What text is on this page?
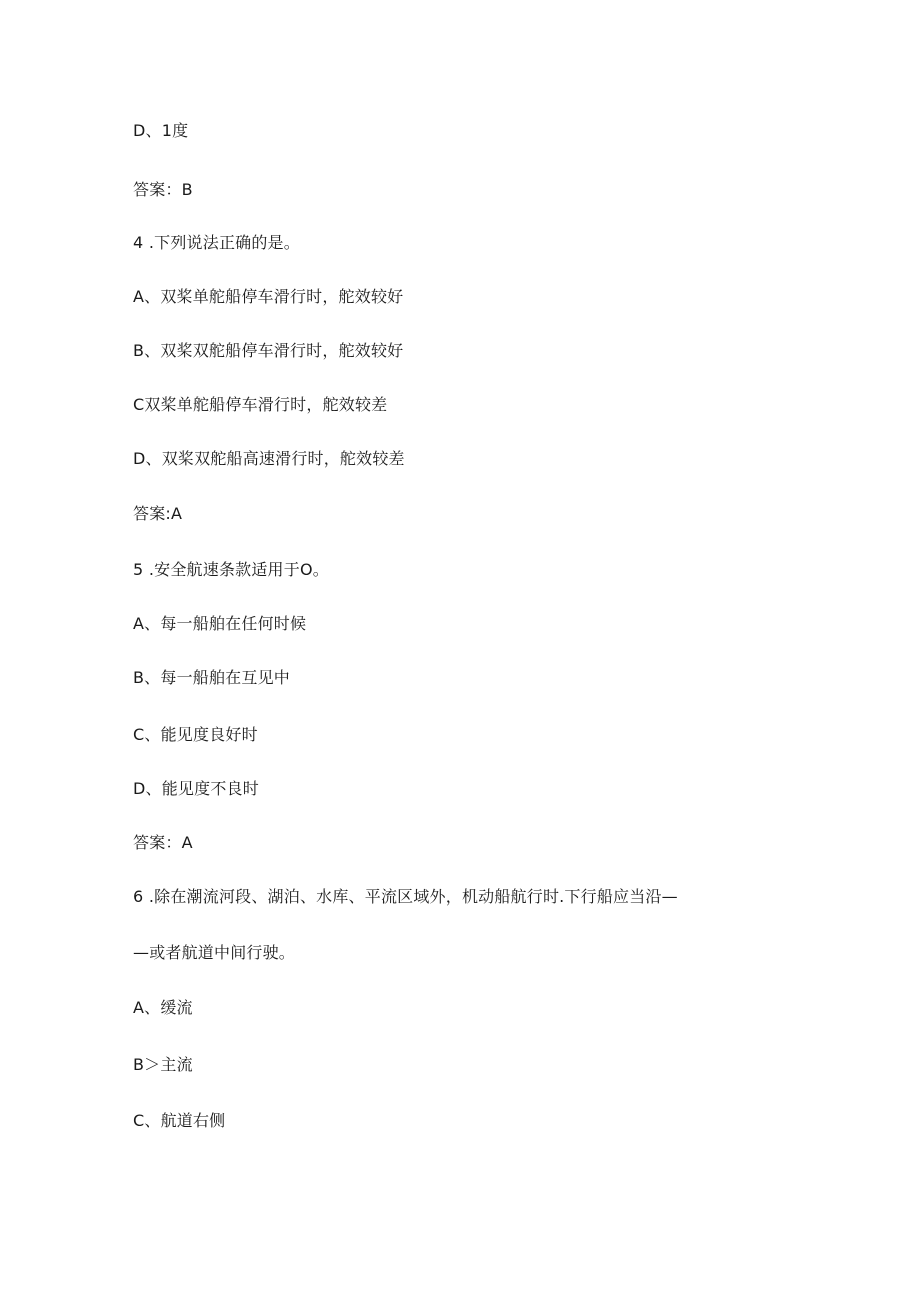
D、1度
答案：B
4	.下列说法正确的是。
A、双桨单舵船停车滑行时，舵效较好
B、双桨双舵船停车滑行时，舵效较好
C双桨单舵船停车滑行时，舵效较差
D、双桨双舵船高速滑行时，舵效较差
答案:A
5	.安全航速条款适用于O。
A、每一船舶在任何时候
B、每一船舶在互见中
C、能见度良好时
D、能见度不良时
答案：A
6	.除在潮流河段、湖泊、水库、平流区域外，机动船航行时.下行船应当沿—
—或者航道中间行驶。
A、缓流
B＞主流
C、航道右侧
